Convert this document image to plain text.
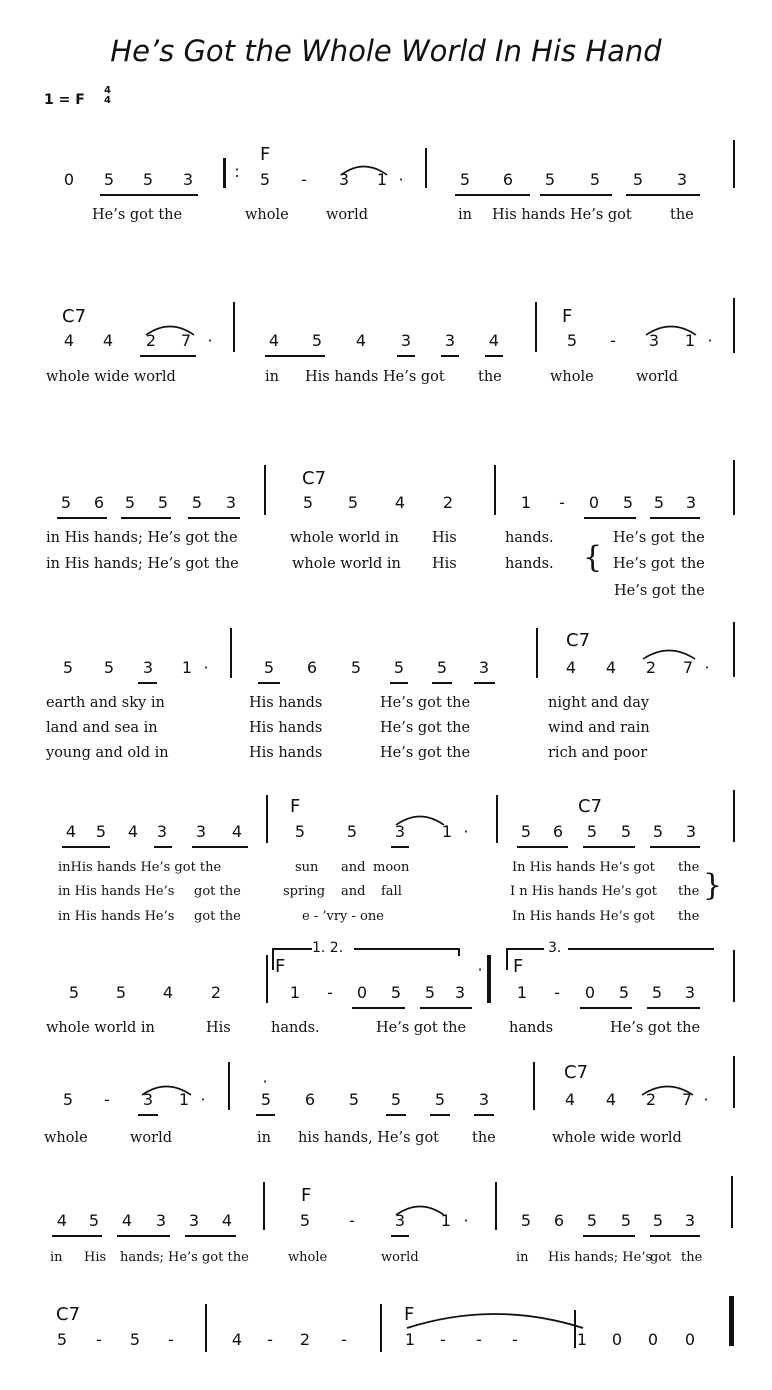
He’s Got the Whole World In His Hand
1 = F
4
4
0	5	5	3	5	-	3	1 ·	5	6	5	5	5	3
:
F
He’s got the	whole	world	in His hands He’s got	the
4	4	2	7	·	4	5	4	3	3	4	5	-	3	1 ·
C7	F
whole wide world	in His hands He’s got the	whole	world
5	6	5	5	5	3	5	5	4	2	1	-	0	5	5	3
C7
in His hands; He’s got the	whole world in His	hands.	He’s got the
in His hands; He’s got the	whole world in His	hands.	He’s got the
He’s got the
{
5	5	3	1 ·	5	6	5	5	5	3	4	4	2	7 ·
C7
earth and sky in	His hands	He’s got the	night and day
land and sea in	His hands	He’s got the	wind and rain
young and old in	His hands	He’s got the	rich and poor
4	5	4	3	3	4	5	5	3	1 ·	5	6	5	5	5	3
F	C7
inHis hands He’s got the	sun and moon	In His hands He’s got the
in His hands He’s got the	spring and fall	I n His hands He’s got the
in His hands He’s got the	e - ’vry - one	In His hands He’s got the
}
5	5	4	2	1	-	0	5	5	3	1	-	0	5	5	3
·
1. 2.	3.
F	F
whole world in	His	hands.	He’s got the	hands	He’s got the
5	-	3	1 ·	5	6	5	5	5	3	4	4	2	7 ·
·	C7
whole	world	in his hands, He’s got the	whole wide world
4	5	4	3	3	4	5	-	3	1 ·	5	6	5	5	5	3
F
in His hands; He’s got the	whole	world	in His hands; He’s
got the
5	-	5	-	4	-	2	-	1	-	-	-	1	0	0	0
C7	F
